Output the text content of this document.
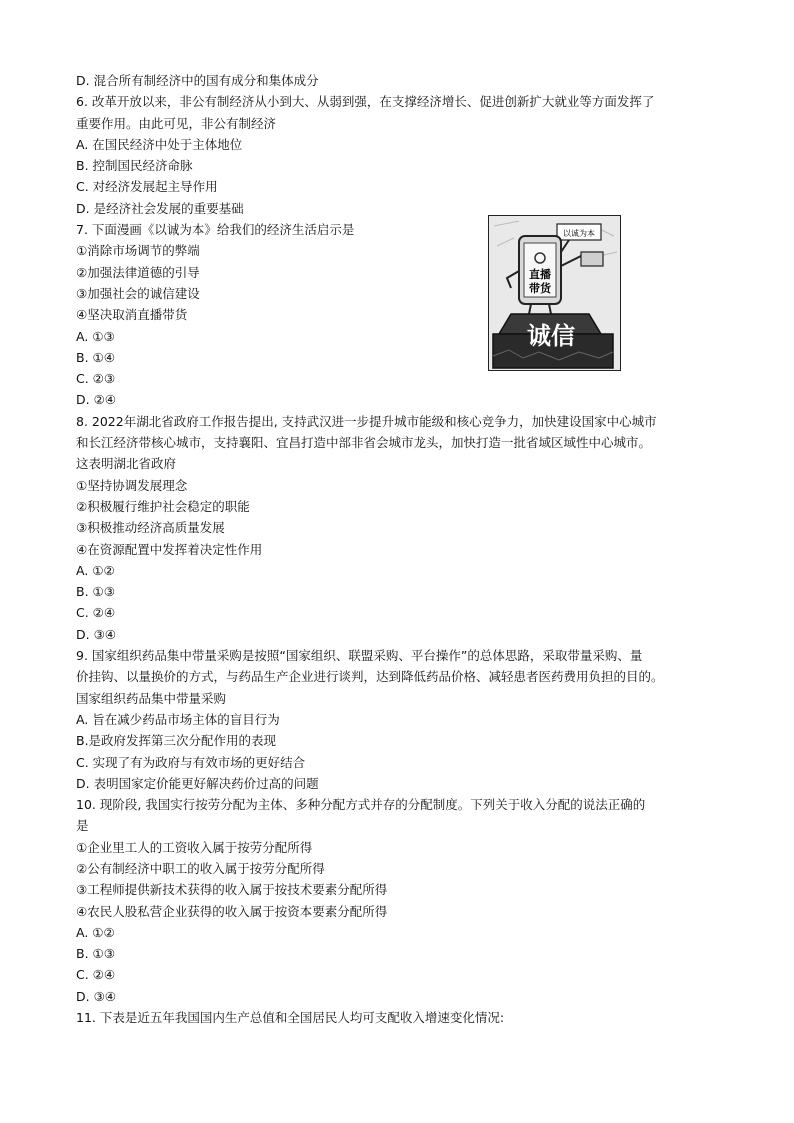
D. 混合所有制经济中的国有成分和集体成分
6. 改革开放以来，非公有制经济从小到大、从弱到强，在支撑经济增长、促进创新扩大就业等方面发挥了
重要作用。由此可见，非公有制经济
A. 在国民经济中处于主体地位
B. 控制国民经济命脉
C. 对经济发展起主导作用
D. 是经济社会发展的重要基础
7. 下面漫画《以诚为本》给我们的经济生活启示是
①消除市场调节的弊端
②加强法律道德的引导
③加强社会的诚信建设
④坚决取消直播带货
A. ①③
B. ①④
C. ②③
D. ②④
8. 2022年湖北省政府工作报告提出, 支持武汉进一步提升城市能级和核心竞争力，加快建设国家中心城市
和长江经济带核心城市，支持襄阳、宜昌打造中部非省会城市龙头，加快打造一批省域区域性中心城市。
这表明湖北省政府
①坚持协调发展理念
②积极履行维护社会稳定的职能
③积极推动经济高质量发展
④在资源配置中发挥着决定性作用
A. ①②
B. ①③
C. ②④
D. ③④
9. 国家组织药品集中带量采购是按照“国家组织、联盟采购、平台操作”的总体思路，采取带量采购、量
价挂钩、以量换价的方式，与药品生产企业进行谈判，达到降低药品价格、减轻患者医药费用负担的目的。
国家组织药品集中带量采购
A. 旨在减少药品市场主体的盲目行为
B.是政府发挥第三次分配作用的表现
C. 实现了有为政府与有效市场的更好结合
D. 表明国家定价能更好解决药价过高的问题
10. 现阶段, 我国实行按劳分配为主体、多种分配方式并存的分配制度。下列关于收入分配的说法正确的
是
①企业里工人的工资收入属于按劳分配所得
②公有制经济中职工的收入属于按劳分配所得
③工程师提供新技术获得的收入属于按技术要素分配所得
④农民人股私营企业获得的收入属于按资本要素分配所得
A. ①②
B. ①③
C. ②④
D. ③④
11. 下表是近五年我国国内生产总值和全国居民人均可支配收入增速变化情况:
以诚为本
直播
带货
诚信
